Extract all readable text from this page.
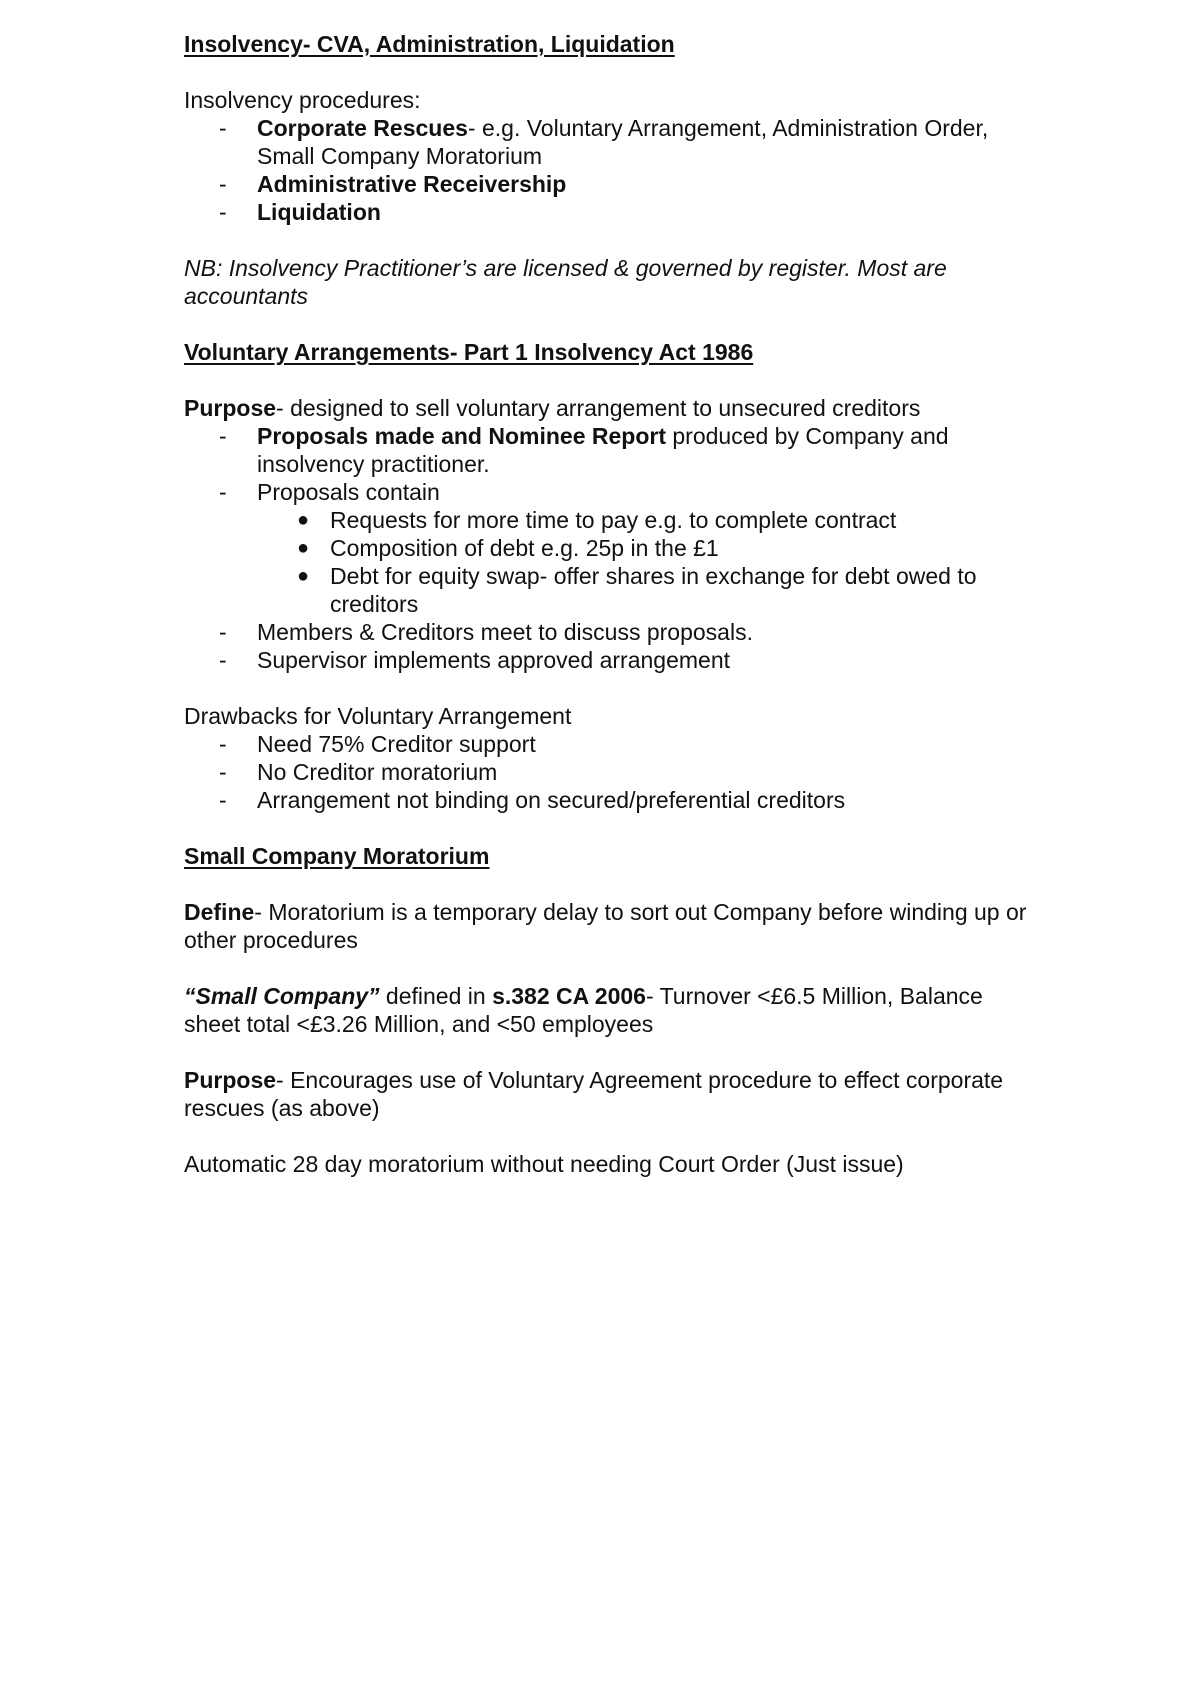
Insolvency- CVA, Administration, Liquidation

Insolvency procedures:

- Corporate Rescues- e.g. Voluntary Arrangement, Administration Order, Small Company Moratorium
- Administrative Receivership
- Liquidation

NB: Insolvency Practitioner’s are licensed & governed by register. Most are accountants

Voluntary Arrangements- Part 1 Insolvency Act 1986

Purpose- designed to sell voluntary arrangement to unsecured creditors

- Proposals made and Nominee Report produced by Company and insolvency practitioner.
- Proposals contain
● Requests for more time to pay e.g. to complete contract
● Composition of debt e.g. 25p in the £1
● Debt for equity swap- offer shares in exchange for debt owed to creditors
- Members & Creditors meet to discuss proposals.
- Supervisor implements approved arrangement

Drawbacks for Voluntary Arrangement

- Need 75% Creditor support
- No Creditor moratorium
- Arrangement not binding on secured/preferential creditors

Small Company Moratorium

Define- Moratorium is a temporary delay to sort out Company before winding up or other procedures

“Small Company” defined in s.382 CA 2006- Turnover <£6.5 Million, Balance sheet total <£3.26 Million, and <50 employees

Purpose- Encourages use of Voluntary Agreement procedure to effect corporate rescues (as above)

Automatic 28 day moratorium without needing Court Order (Just issue)
